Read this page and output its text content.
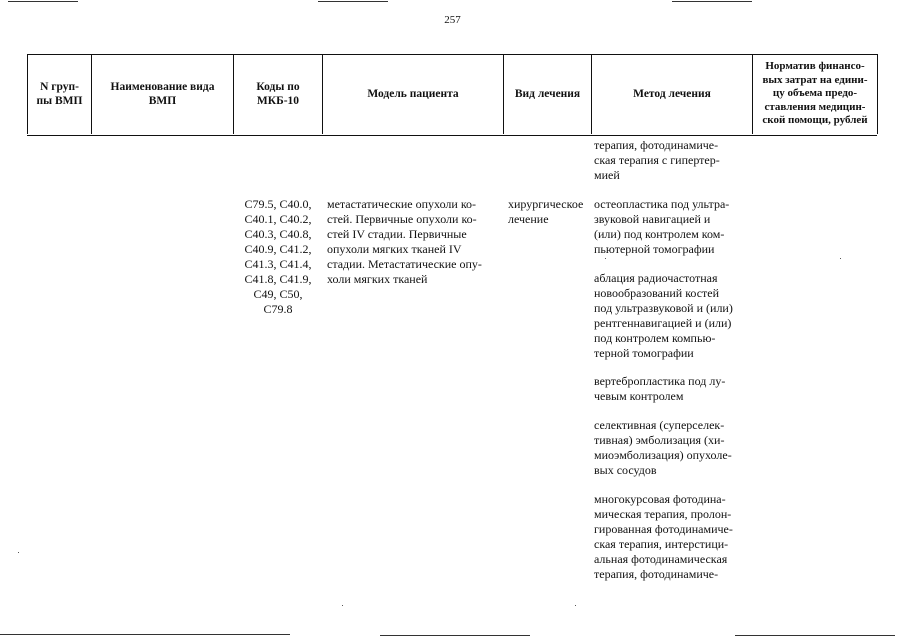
257
N груп-
пы ВМП
Наименование вида
ВМП
Коды по
МКБ-10
Модель пациента	Вид лечения	Метод лечения
Норматив финансо-
вых затрат на едини-
цу объема предо-
ставления медицин-
ской помощи, рублей
терапия, фотодинамиче-
ская терапия с гипертер-
мией
C79.5, C40.0,
C40.1, C40.2,
C40.3, C40.8,
C40.9, C41.2,
C41.3, C41.4,
C41.8, C41.9,
C49, C50,
C79.8
метастатические опухоли ко-
стей. Первичные опухоли ко-
стей IV стадии. Первичные
опухоли мягких тканей IV
стадии. Метастатические опу-
холи мягких тканей
хирургическое
лечение
остеопластика под ультра-
звуковой навигацией и
(или) под контролем ком-
пьютерной томографии
аблация радиочастотная
новообразований костей
под ультразвуковой и (или)
рентгеннавигацией и (или)
под контролем компью-
терной томографии
вертебропластика под лу-
чевым контролем
селективная (суперселек-
тивная) эмболизация (хи-
миоэмболизация) опухоле-
вых сосудов
многокурсовая фотодина-
мическая терапия, пролон-
гированная фотодинамиче-
ская терапия, интерстици-
альная фотодинамическая
терапия, фотодинамиче-
